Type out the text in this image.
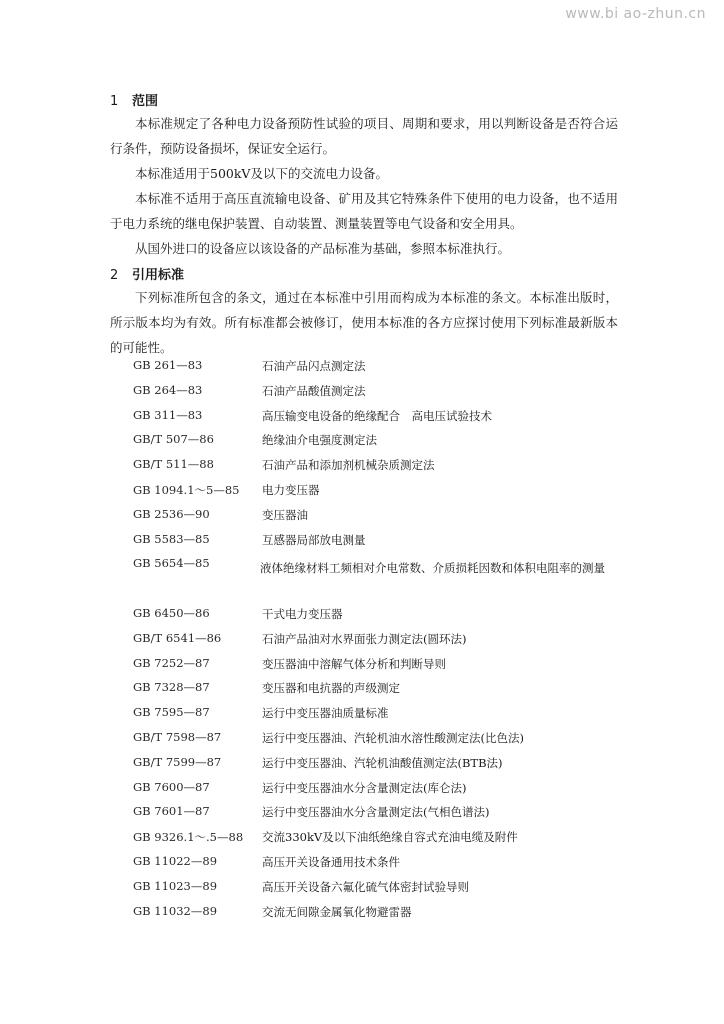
www.bi ao-zhun.cn
1 范围
本标准规定了各种电力设备预防性试验的项目、周期和要求，用以判断设备是否符合运行条件，预防设备损坏，保证安全运行。
本标准适用于500kV及以下的交流电力设备。
本标准不适用于高压直流输电设备、矿用及其它特殊条件下使用的电力设备，也不适用于电力系统的继电保护装置、自动装置、测量装置等电气设备和安全用具。
从国外进口的设备应以该设备的产品标准为基础，参照本标准执行。
2 引用标准
下列标准所包含的条文，通过在本标准中引用而构成为本标准的条文。本标准出版时，所示版本均为有效。所有标准都会被修订，使用本标准的各方应探讨使用下列标准最新版本的可能性。
GB 261—83	石油产品闪点测定法
GB 264—83	石油产品酸值测定法
GB 311—83	高压输变电设备的绝缘配合　高电压试验技术
GB/T 507—86	绝缘油介电强度测定法
GB/T 511—88	石油产品和添加剂机械杂质测定法
GB 1094.1～5—85 电力变压器
GB 2536—90	变压器油
GB 5583—85	互感器局部放电测量
GB 5654—85	液体绝缘材料工频相对介电常数、介质损耗因数和体积电阻率的测量
GB 6450—86	干式电力变压器
GB/T 6541—86	石油产品油对水界面张力测定法(圆环法)
GB 7252—87	变压器油中溶解气体分析和判断导则
GB 7328—87	变压器和电抗器的声级测定
GB 7595—87	运行中变压器油质量标准
GB/T 7598—87	运行中变压器油、汽轮机油水溶性酸测定法(比色法)
GB/T 7599—87	运行中变压器油、汽轮机油酸值测定法(BTB法)
GB 7600—87	运行中变压器油水分含量测定法(库仑法)
GB 7601—87	运行中变压器油水分含量测定法(气相色谱法)
GB 9326.1～.5—88 交流330kV及以下油纸绝缘自容式充油电缆及附件
GB 11022—89	高压开关设备通用技术条件
GB 11023—89	高压开关设备六氟化硫气体密封试验导则
GB 11032—89	交流无间隙金属氧化物避雷器
